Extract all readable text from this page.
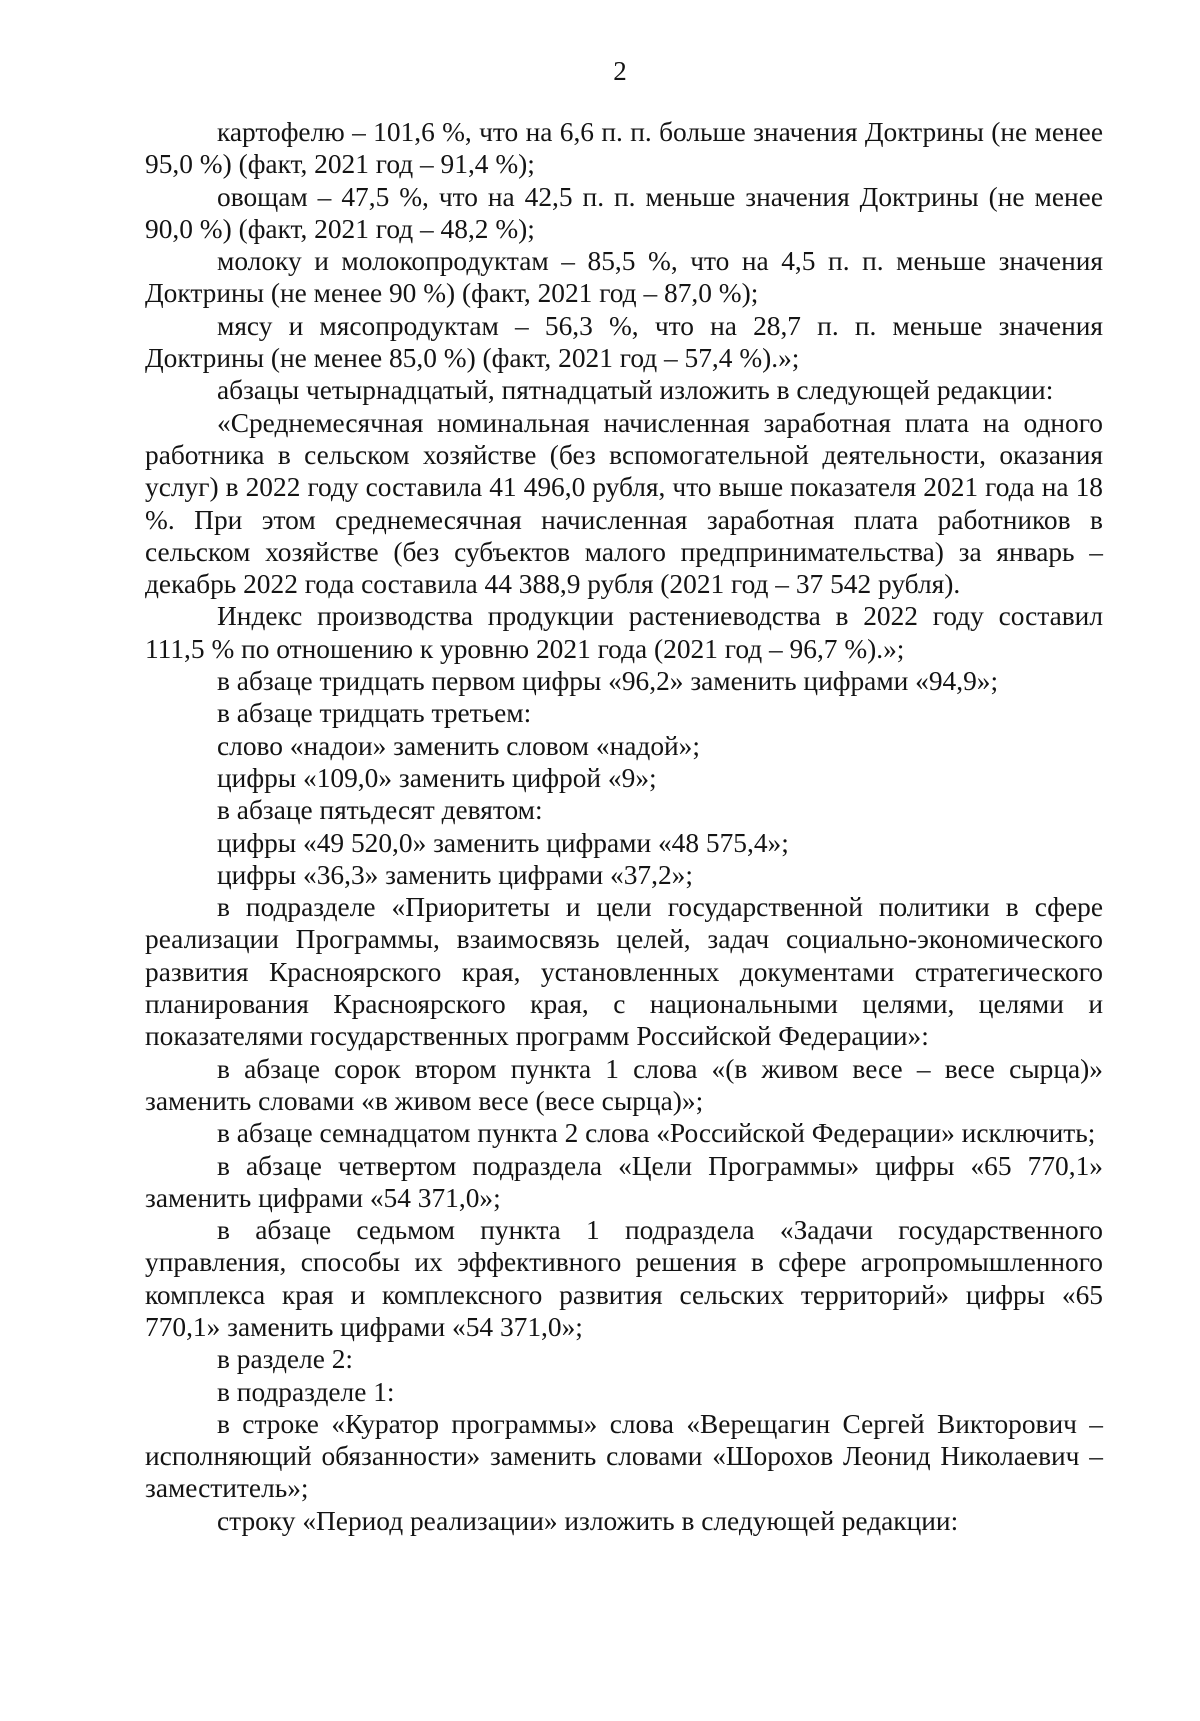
2

картофелю – 101,6 %, что на 6,6 п. п. больше значения Доктрины (не менее 95,0 %) (факт, 2021 год – 91,4 %);

овощам – 47,5 %, что на 42,5 п. п. меньше значения Доктрины (не менее 90,0 %) (факт, 2021 год – 48,2 %);

молоку и молокопродуктам – 85,5 %, что на 4,5 п. п. меньше значения Доктрины (не менее 90 %) (факт, 2021 год – 87,0 %);

мясу и мясопродуктам – 56,3 %, что на 28,7 п. п. меньше значения Доктрины (не менее 85,0 %) (факт, 2021 год – 57,4 %).»;

абзацы четырнадцатый, пятнадцатый изложить в следующей редакции:

«Среднемесячная номинальная начисленная заработная плата на одного работника в сельском хозяйстве (без вспомогательной деятельности, оказания услуг) в 2022 году составила 41 496,0 рубля, что выше показателя 2021 года на 18 %. При этом среднемесячная начисленная заработная плата работников в сельском хозяйстве (без субъектов малого предпринимательства) за январь – декабрь 2022 года составила 44 388,9 рубля (2021 год – 37 542 рубля).

Индекс производства продукции растениеводства в 2022 году составил 111,5 % по отношению к уровню 2021 года (2021 год – 96,7 %).»;

в абзаце тридцать первом цифры «96,2» заменить цифрами «94,9»;

в абзаце тридцать третьем:

слово «надои» заменить словом «надой»;

цифры «109,0» заменить цифрой «9»;

в абзаце пятьдесят девятом:

цифры «49 520,0» заменить цифрами «48 575,4»;

цифры «36,3» заменить цифрами «37,2»;

в подразделе «Приоритеты и цели государственной политики в сфере реализации Программы, взаимосвязь целей, задач социально-экономического развития Красноярского края, установленных документами стратегического планирования Красноярского края, с национальными целями, целями и показателями государственных программ Российской Федерации»:

в абзаце сорок втором пункта 1 слова «(в живом весе – весе сырца)» заменить словами «в живом весе (весе сырца)»;

в абзаце семнадцатом пункта 2 слова «Российской Федерации» исключить;

в абзаце четвертом подраздела «Цели Программы» цифры «65 770,1» заменить цифрами «54 371,0»;

в абзаце седьмом пункта 1 подраздела «Задачи государственного управления, способы их эффективного решения в сфере агропромышленного комплекса края и комплексного развития сельских территорий» цифры «65 770,1» заменить цифрами «54 371,0»;

в разделе 2:

в подразделе 1:

в строке «Куратор программы» слова «Верещагин Сергей Викторович – исполняющий обязанности» заменить словами «Шорохов Леонид Николаевич – заместитель»;

строку «Период реализации» изложить в следующей редакции:
